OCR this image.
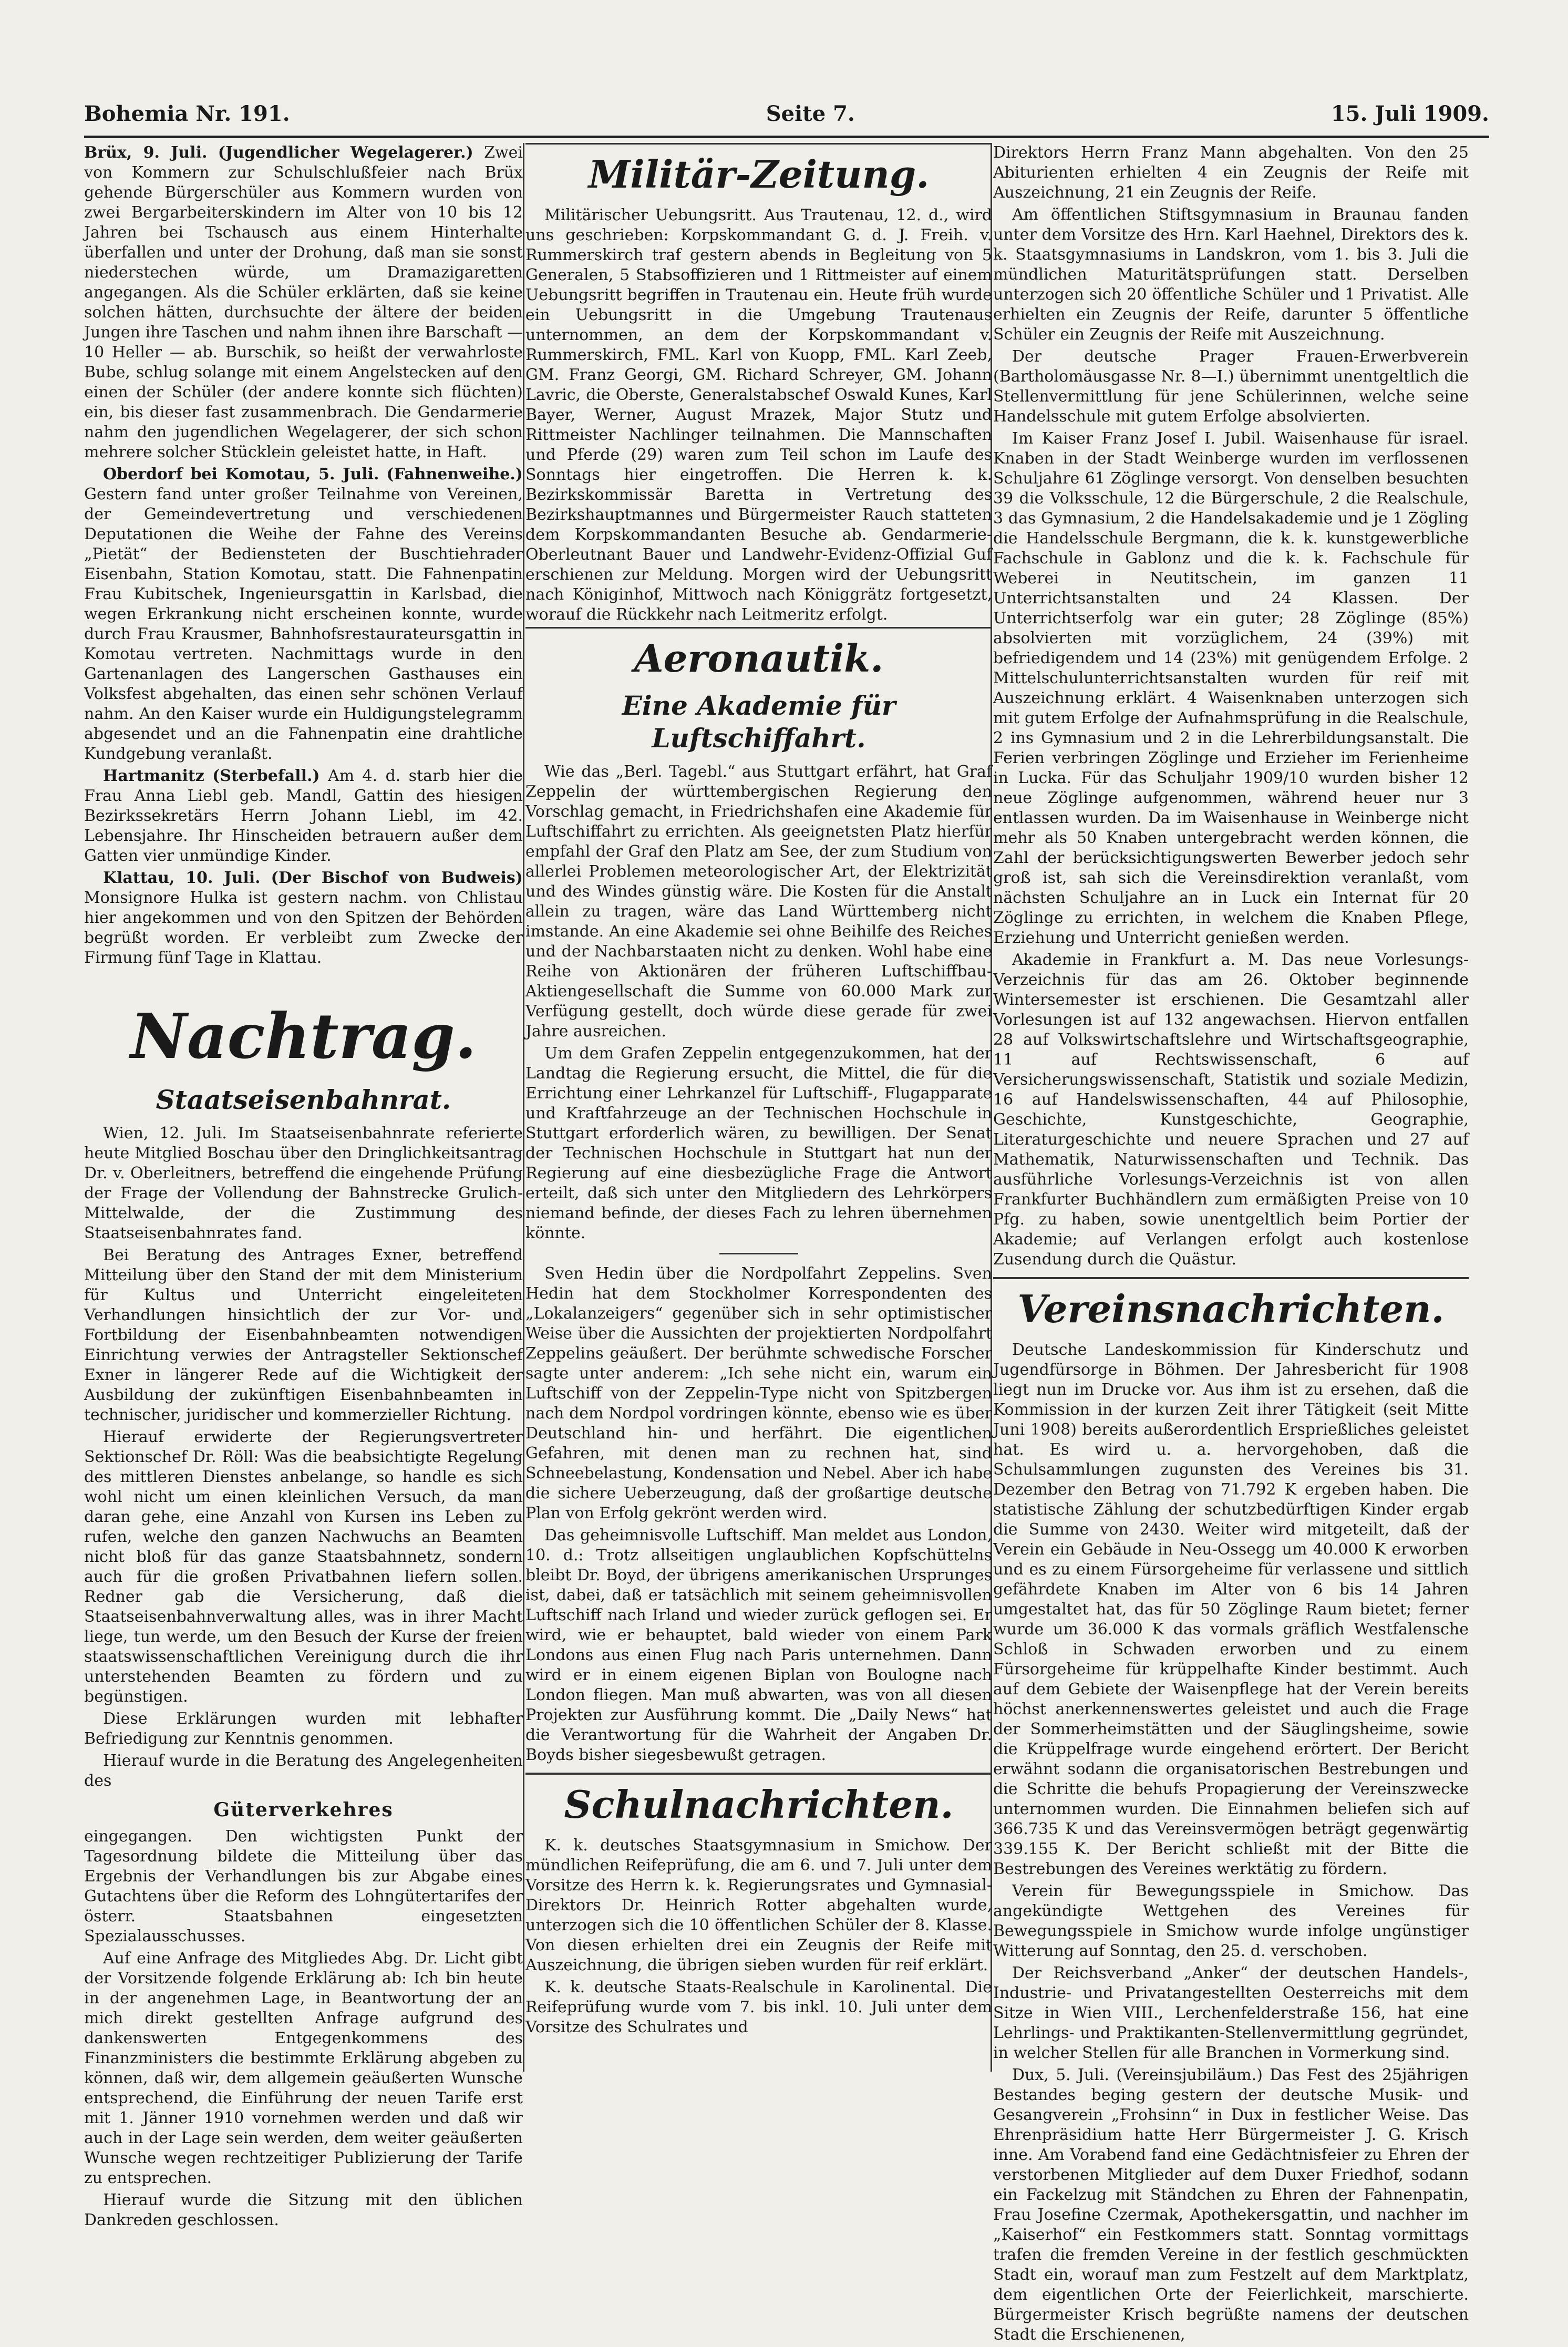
Bohemia Nr. 191.	Seite 7.	15. Juli 1909.

Brüx, 9. Juli. (Jugendlicher Wegelagerer.) Zwei von Kommern zur Schulschlußfeier nach Brüx gehende Bürgerschüler aus Kommern wurden von zwei Bergarbeiterskindern im Alter von 10 bis 12 Jahren bei Tschausch aus einem Hinterhalte überfallen und unter der Drohung, daß man sie sonst niederstechen würde, um Dramazigaretten angegangen. Als die Schüler erklärten, daß sie keine solchen hätten, durchsuchte der ältere der beiden Jungen ihre Taschen und nahm ihnen ihre Barschaft — 10 Heller — ab. Burschik, so heißt der verwahrloste Bube, schlug solange mit einem Angelstecken auf den einen der Schüler (der andere konnte sich flüchten) ein, bis dieser fast zusammenbrach. Die Gendarmerie nahm den jugendlichen Wegelagerer, der sich schon mehrere solcher Stücklein geleistet hatte, in Haft.

Oberdorf bei Komotau, 5. Juli. (Fahnenweihe.) Gestern fand unter großer Teilnahme von Vereinen, der Gemeindevertretung und verschiedenen Deputationen die Weihe der Fahne des Vereins „Pietät“ der Bediensteten der Buschtiehrader Eisenbahn, Station Komotau, statt. Die Fahnenpatin Frau Kubitschek, Ingenieursgattin in Karlsbad, die wegen Erkrankung nicht erscheinen konnte, wurde durch Frau Krausmer, Bahnhofsrestaurateursgattin in Komotau vertreten. Nachmittags wurde in den Gartenanlagen des Langerschen Gasthauses ein Volksfest abgehalten, das einen sehr schönen Verlauf nahm. An den Kaiser wurde ein Huldigungstelegramm abgesendet und an die Fahnenpatin eine drahtliche Kundgebung veranlaßt.

Hartmanitz (Sterbefall.) Am 4. d. starb hier die Frau Anna Liebl geb. Mandl, Gattin des hiesigen Bezirkssekretärs Herrn Johann Liebl, im 42. Lebensjahre. Ihr Hinscheiden betrauern außer dem Gatten vier unmündige Kinder.

Klattau, 10. Juli. (Der Bischof von Budweis) Monsignore Hulka ist gestern nachm. von Chlistau hier angekommen und von den Spitzen der Behörden begrüßt worden. Er verbleibt zum Zwecke der Firmung fünf Tage in Klattau.

Nachtrag.
Staatseisenbahnrat.

Wien, 12. Juli. Im Staatseisenbahnrate referierte heute Mitglied Boschau über den Dringlichkeitsantrag Dr. v. Oberleitners, betreffend die eingehende Prüfung der Frage der Vollendung der Bahnstrecke Grulich-Mittelwalde, der die Zustimmung des Staatseisenbahnrates fand.

Bei Beratung des Antrages Exner, betreffend Mitteilung über den Stand der mit dem Ministerium für Kultus und Unterricht eingeleiteten Verhandlungen hinsichtlich der zur Vor- und Fortbildung der Eisenbahnbeamten notwendigen Einrichtung verwies der Antragsteller Sektionschef Exner in längerer Rede auf die Wichtigkeit der Ausbildung der zukünftigen Eisenbahnbeamten in technischer, juridischer und kommerzieller Richtung.

Hierauf erwiderte der Regierungsvertreter Sektionschef Dr. Röll: Was die beabsichtigte Regelung des mittleren Dienstes anbelange, so handle es sich wohl nicht um einen kleinlichen Versuch, da man daran gehe, eine Anzahl von Kursen ins Leben zu rufen, welche den ganzen Nachwuchs an Beamten nicht bloß für das ganze Staatsbahnnetz, sondern auch für die großen Privatbahnen liefern sollen. Redner gab die Versicherung, daß die Staatseisenbahnverwaltung alles, was in ihrer Macht liege, tun werde, um den Besuch der Kurse der freien staatswissenschaftlichen Vereinigung durch die ihr unterstehenden Beamten zu fördern und zu begünstigen.

Diese Erklärungen wurden mit lebhafter Befriedigung zur Kenntnis genommen.

Hierauf wurde in die Beratung des Angelegenheiten des

Güterverkehres

eingegangen. Den wichtigsten Punkt der Tagesordnung bildete die Mitteilung über das Ergebnis der Verhandlungen bis zur Abgabe eines Gutachtens über die Reform des Lohngütertarifes der österr. Staatsbahnen eingesetzten Spezialausschusses.

Auf eine Anfrage des Mitgliedes Abg. Dr. Licht gibt der Vorsitzende folgende Erklärung ab: Ich bin heute in der angenehmen Lage, in Beantwortung der an mich direkt gestellten Anfrage aufgrund des dankenswerten Entgegenkommens des Finanzministers die bestimmte Erklärung abgeben zu können, daß wir, dem allgemein geäußerten Wunsche entsprechend, die Einführung der neuen Tarife erst mit 1. Jänner 1910 vornehmen werden und daß wir auch in der Lage sein werden, dem weiter geäußerten Wunsche wegen rechtzeitiger Publizierung der Tarife zu entsprechen.

Hierauf wurde die Sitzung mit den üblichen Dankreden geschlossen.

Militär-Zeitung.

Militärischer Uebungsritt. Aus Trautenau, 12. d., wird uns geschrieben: Korpskommandant G. d. J. Freih. v. Rummerskirch traf gestern abends in Begleitung von 5 Generalen, 5 Stabsoffizieren und 1 Rittmeister auf einem Uebungsritt begriffen in Trautenau ein. Heute früh wurde ein Uebungsritt in die Umgebung Trautenaus unternommen, an dem der Korpskommandant v. Rummerskirch, FML. Karl von Kuopp, FML. Karl Zeeb, GM. Franz Georgi, GM. Richard Schreyer, GM. Johann Lavric, die Oberste, Generalstabschef Oswald Kunes, Karl Bayer, Werner, August Mrazek, Major Stutz und Rittmeister Nachlinger teilnahmen. Die Mannschaften und Pferde (29) waren zum Teil schon im Laufe des Sonntags hier eingetroffen. Die Herren k. k. Bezirkskommissär Baretta in Vertretung des Bezirkshauptmannes und Bürgermeister Rauch statteten dem Korpskommandanten Besuche ab. Gendarmerie-Oberleutnant Bauer und Landwehr-Evidenz-Offizial Guf erschienen zur Meldung. Morgen wird der Uebungsritt nach Königinhof, Mittwoch nach Königgrätz fortgesetzt, worauf die Rückkehr nach Leitmeritz erfolgt.

Aeronautik.
Eine Akademie für Luftschiffahrt.

Wie das „Berl. Tagebl.“ aus Stuttgart erfährt, hat Graf Zeppelin der württembergischen Regierung den Vorschlag gemacht, in Friedrichshafen eine Akademie für Luftschiffahrt zu errichten. Als geeignetsten Platz hierfür empfahl der Graf den Platz am See, der zum Studium von allerlei Problemen meteorologischer Art, der Elektrizität und des Windes günstig wäre. Die Kosten für die Anstalt allein zu tragen, wäre das Land Württemberg nicht imstande. An eine Akademie sei ohne Beihilfe des Reiches und der Nachbarstaaten nicht zu denken. Wohl habe eine Reihe von Aktionären der früheren Luftschiffbau-Aktiengesellschaft die Summe von 60.000 Mark zur Verfügung gestellt, doch würde diese gerade für zwei Jahre ausreichen.

Um dem Grafen Zeppelin entgegenzukommen, hat der Landtag die Regierung ersucht, die Mittel, die für die Errichtung einer Lehrkanzel für Luftschiff-, Flugapparate und Kraftfahrzeuge an der Technischen Hochschule in Stuttgart erforderlich wären, zu bewilligen. Der Senat der Technischen Hochschule in Stuttgart hat nun der Regierung auf eine diesbezügliche Frage die Antwort erteilt, daß sich unter den Mitgliedern des Lehrkörpers niemand befinde, der dieses Fach zu lehren übernehmen könnte.

Sven Hedin über die Nordpolfahrt Zeppelins. Sven Hedin hat dem Stockholmer Korrespondenten des „Lokalanzeigers“ gegenüber sich in sehr optimistischer Weise über die Aussichten der projektierten Nordpolfahrt Zeppelins geäußert. Der berühmte schwedische Forscher sagte unter anderem: „Ich sehe nicht ein, warum ein Luftschiff von der Zeppelin-Type nicht von Spitzbergen nach dem Nordpol vordringen könnte, ebenso wie es über Deutschland hin- und herfährt. Die eigentlichen Gefahren, mit denen man zu rechnen hat, sind Schneebelastung, Kondensation und Nebel. Aber ich habe die sichere Ueberzeugung, daß der großartige deutsche Plan von Erfolg gekrönt werden wird.

Das geheimnisvolle Luftschiff. Man meldet aus London, 10. d.: Trotz allseitigen unglaublichen Kopfschüttelns bleibt Dr. Boyd, der übrigens amerikanischen Ursprunges ist, dabei, daß er tatsächlich mit seinem geheimnisvollen Luftschiff nach Irland und wieder zurück geflogen sei. Er wird, wie er behauptet, bald wieder von einem Park Londons aus einen Flug nach Paris unternehmen. Dann wird er in einem eigenen Biplan von Boulogne nach London fliegen. Man muß abwarten, was von all diesen Projekten zur Ausführung kommt. Die „Daily News“ hat die Verantwortung für die Wahrheit der Angaben Dr. Boyds bisher siegesbewußt getragen.

Schulnachrichten.

K. k. deutsches Staatsgymnasium in Smichow. Der mündlichen Reifeprüfung, die am 6. und 7. Juli unter dem Vorsitze des Herrn k. k. Regierungsrates und Gymnasial-Direktors Dr. Heinrich Rotter abgehalten wurde, unterzogen sich die 10 öffentlichen Schüler der 8. Klasse. Von diesen erhielten drei ein Zeugnis der Reife mit Auszeichnung, die übrigen sieben wurden für reif erklärt.

K. k. deutsche Staats-Realschule in Karolinental. Die Reifeprüfung wurde vom 7. bis inkl. 10. Juli unter dem Vorsitze des Schulrates und

Direktors Herrn Franz Mann abgehalten. Von den 25 Abiturienten erhielten 4 ein Zeugnis der Reife mit Auszeichnung, 21 ein Zeugnis der Reife.

Am öffentlichen Stiftsgymnasium in Braunau fanden unter dem Vorsitze des Hrn. Karl Haehnel, Direktors des k. k. Staatsgymnasiums in Landskron, vom 1. bis 3. Juli die mündlichen Maturitätsprüfungen statt. Derselben unterzogen sich 20 öffentliche Schüler und 1 Privatist. Alle erhielten ein Zeugnis der Reife, darunter 5 öffentliche Schüler ein Zeugnis der Reife mit Auszeichnung.

Der deutsche Prager Frauen-Erwerbverein (Bartholomäusgasse Nr. 8—I.) übernimmt unentgeltlich die Stellenvermittlung für jene Schülerinnen, welche seine Handelsschule mit gutem Erfolge absolvierten.

Im Kaiser Franz Josef I. Jubil. Waisenhause für israel. Knaben in der Stadt Weinberge wurden im verflossenen Schuljahre 61 Zöglinge versorgt. Von denselben besuchten 39 die Volksschule, 12 die Bürgerschule, 2 die Realschule, 3 das Gymnasium, 2 die Handelsakademie und je 1 Zögling die Handelsschule Bergmann, die k. k. kunstgewerbliche Fachschule in Gablonz und die k. k. Fachschule für Weberei in Neutitschein, im ganzen 11 Unterrichtsanstalten und 24 Klassen. Der Unterrichtserfolg war ein guter; 28 Zöglinge (85%) absolvierten mit vorzüglichem, 24 (39%) mit befriedigendem und 14 (23%) mit genügendem Erfolge. 2 Mittelschulunterrichtsanstalten wurden für reif mit Auszeichnung erklärt. 4 Waisenknaben unterzogen sich mit gutem Erfolge der Aufnahmsprüfung in die Realschule, 2 ins Gymnasium und 2 in die Lehrerbildungsanstalt. Die Ferien verbringen Zöglinge und Erzieher im Ferienheime in Lucka. Für das Schuljahr 1909/10 wurden bisher 12 neue Zöglinge aufgenommen, während heuer nur 3 entlassen wurden. Da im Waisenhause in Weinberge nicht mehr als 50 Knaben untergebracht werden können, die Zahl der berücksichtigungswerten Bewerber jedoch sehr groß ist, sah sich die Vereinsdirektion veranlaßt, vom nächsten Schuljahre an in Luck ein Internat für 20 Zöglinge zu errichten, in welchem die Knaben Pflege, Erziehung und Unterricht genießen werden.

Akademie in Frankfurt a. M. Das neue Vorlesungs-Verzeichnis für das am 26. Oktober beginnende Wintersemester ist erschienen. Die Gesamtzahl aller Vorlesungen ist auf 132 angewachsen. Hiervon entfallen 28 auf Volkswirtschaftslehre und Wirtschaftsgeographie, 11 auf Rechtswissenschaft, 6 auf Versicherungswissenschaft, Statistik und soziale Medizin, 16 auf Handelswissenschaften, 44 auf Philosophie, Geschichte, Kunstgeschichte, Geographie, Literaturgeschichte und neuere Sprachen und 27 auf Mathematik, Naturwissenschaften und Technik. Das ausführliche Vorlesungs-Verzeichnis ist von allen Frankfurter Buchhändlern zum ermäßigten Preise von 10 Pfg. zu haben, sowie unentgeltlich beim Portier der Akademie; auf Verlangen erfolgt auch kostenlose Zusendung durch die Quästur.

Vereinsnachrichten.

Deutsche Landeskommission für Kinderschutz und Jugendfürsorge in Böhmen. Der Jahresbericht für 1908 liegt nun im Drucke vor. Aus ihm ist zu ersehen, daß die Kommission in der kurzen Zeit ihrer Tätigkeit (seit Mitte Juni 1908) bereits außerordentlich Ersprießliches geleistet hat. Es wird u. a. hervorgehoben, daß die Schulsammlungen zugunsten des Vereines bis 31. Dezember den Betrag von 71.792 K ergeben haben. Die statistische Zählung der schutzbedürftigen Kinder ergab die Summe von 2430. Weiter wird mitgeteilt, daß der Verein ein Gebäude in Neu-Ossegg um 40.000 K erworben und es zu einem Fürsorgeheime für verlassene und sittlich gefährdete Knaben im Alter von 6 bis 14 Jahren umgestaltet hat, das für 50 Zöglinge Raum bietet; ferner wurde um 36.000 K das vormals gräflich Westfalensche Schloß in Schwaden erworben und zu einem Fürsorgeheime für krüppelhafte Kinder bestimmt. Auch auf dem Gebiete der Waisenpflege hat der Verein bereits höchst anerkennenswertes geleistet und auch die Frage der Sommerheimstätten und der Säuglingsheime, sowie die Krüppelfrage wurde eingehend erörtert. Der Bericht erwähnt sodann die organisatorischen Bestrebungen und die Schritte die behufs Propagierung der Vereinszwecke unternommen wurden. Die Einnahmen beliefen sich auf 366.735 K und das Vereinsvermögen beträgt gegenwärtig 339.155 K. Der Bericht schließt mit der Bitte die Bestrebungen des Vereines werktätig zu fördern.

Verein für Bewegungsspiele in Smichow. Das angekündigte Wettgehen des Vereines für Bewegungsspiele in Smichow wurde infolge ungünstiger Witterung auf Sonntag, den 25. d. verschoben.

Der Reichsverband „Anker“ der deutschen Handels-, Industrie- und Privatangestellten Oesterreichs mit dem Sitze in Wien VIII., Lerchenfelderstraße 156, hat eine Lehrlings- und Praktikanten-Stellenvermittlung gegründet, in welcher Stellen für alle Branchen in Vormerkung sind.

Dux, 5. Juli. (Vereinsjubiläum.) Das Fest des 25jährigen Bestandes beging gestern der deutsche Musik- und Gesangverein „Frohsinn“ in Dux in festlicher Weise. Das Ehrenpräsidium hatte Herr Bürgermeister J. G. Krisch inne. Am Vorabend fand eine Gedächtnisfeier zu Ehren der verstorbenen Mitglieder auf dem Duxer Friedhof, sodann ein Fackelzug mit Ständchen zu Ehren der Fahnenpatin, Frau Josefine Czermak, Apothekersgattin, und nachher im „Kaiserhof“ ein Festkommers statt. Sonntag vormittags trafen die fremden Vereine in der festlich geschmückten Stadt ein, worauf man zum Festzelt auf dem Marktplatz, dem eigentlichen Orte der Feierlichkeit, marschierte. Bürgermeister Krisch begrüßte namens der deutschen Stadt die Erschienenen,
